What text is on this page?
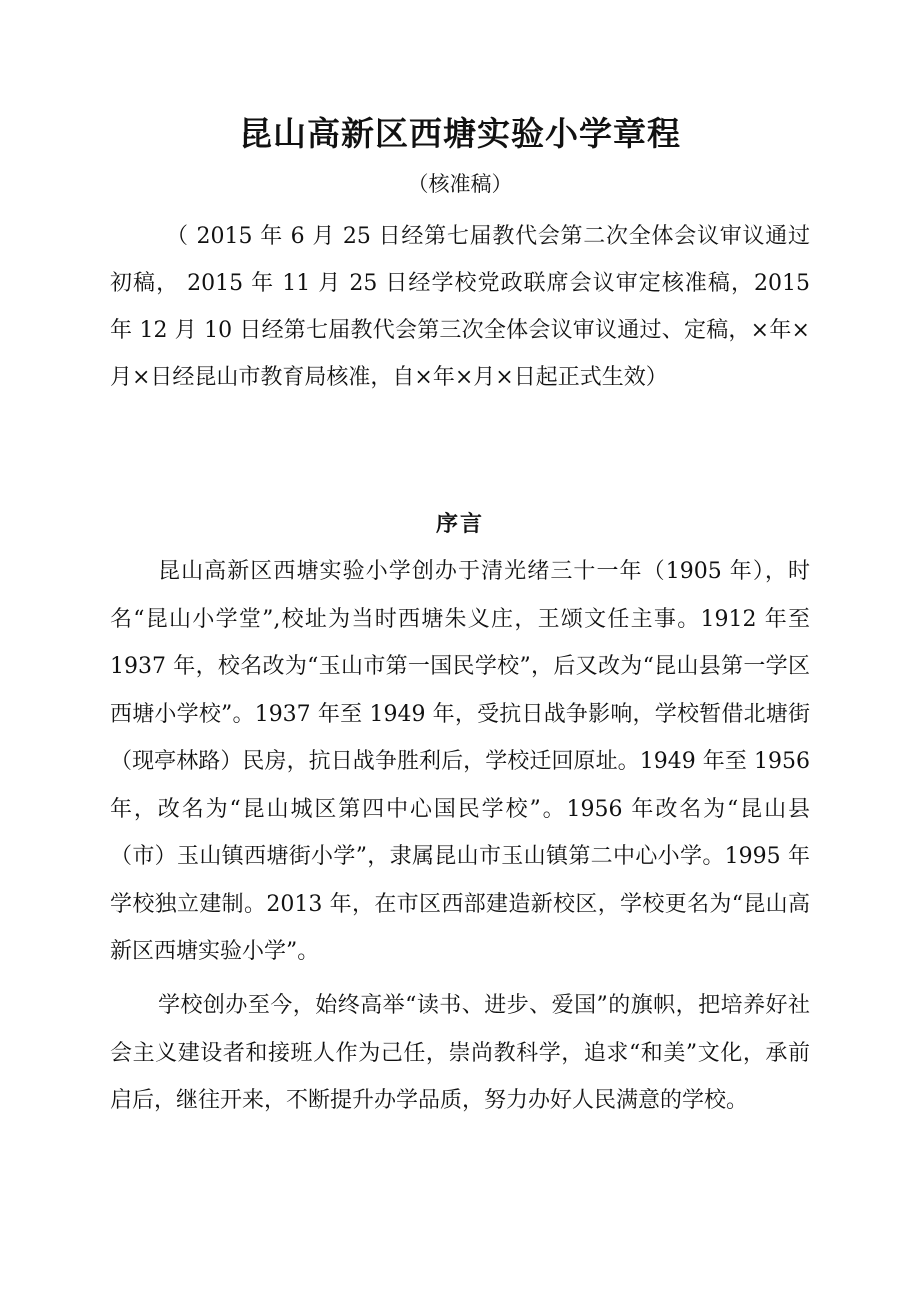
昆山高新区西塘实验小学章程
（核准稿）

（ 2015 年 6 月 25 日经第七届教代会第二次全体会议审议通过初稿， 2015 年 11 月 25 日经学校党政联席会议审定核准稿，2015 年 12 月 10 日经第七届教代会第三次全体会议审议通过、定稿，×年×月×日经昆山市教育局核准，自×年×月×日起正式生效）

序言

昆山高新区西塘实验小学创办于清光绪三十一年（1905 年），时名“昆山小学堂”,校址为当时西塘朱义庄，王颂文任主事。1912 年至 1937 年，校名改为“玉山市第一国民学校”，后又改为“昆山县第一学区西塘小学校”。1937 年至 1949 年，受抗日战争影响，学校暂借北塘街（现亭林路）民房，抗日战争胜利后，学校迁回原址。1949 年至 1956 年，改名为“昆山城区第四中心国民学校”。1956 年改名为“昆山县（市）玉山镇西塘街小学”，隶属昆山市玉山镇第二中心小学。1995 年学校独立建制。2013 年，在市区西部建造新校区，学校更名为“昆山高新区西塘实验小学”。

学校创办至今，始终高举“读书、进步、爱国”的旗帜，把培养好社会主义建设者和接班人作为己任，崇尚教科学，追求“和美”文化，承前启后，继往开来，不断提升办学品质，努力办好人民满意的学校。
